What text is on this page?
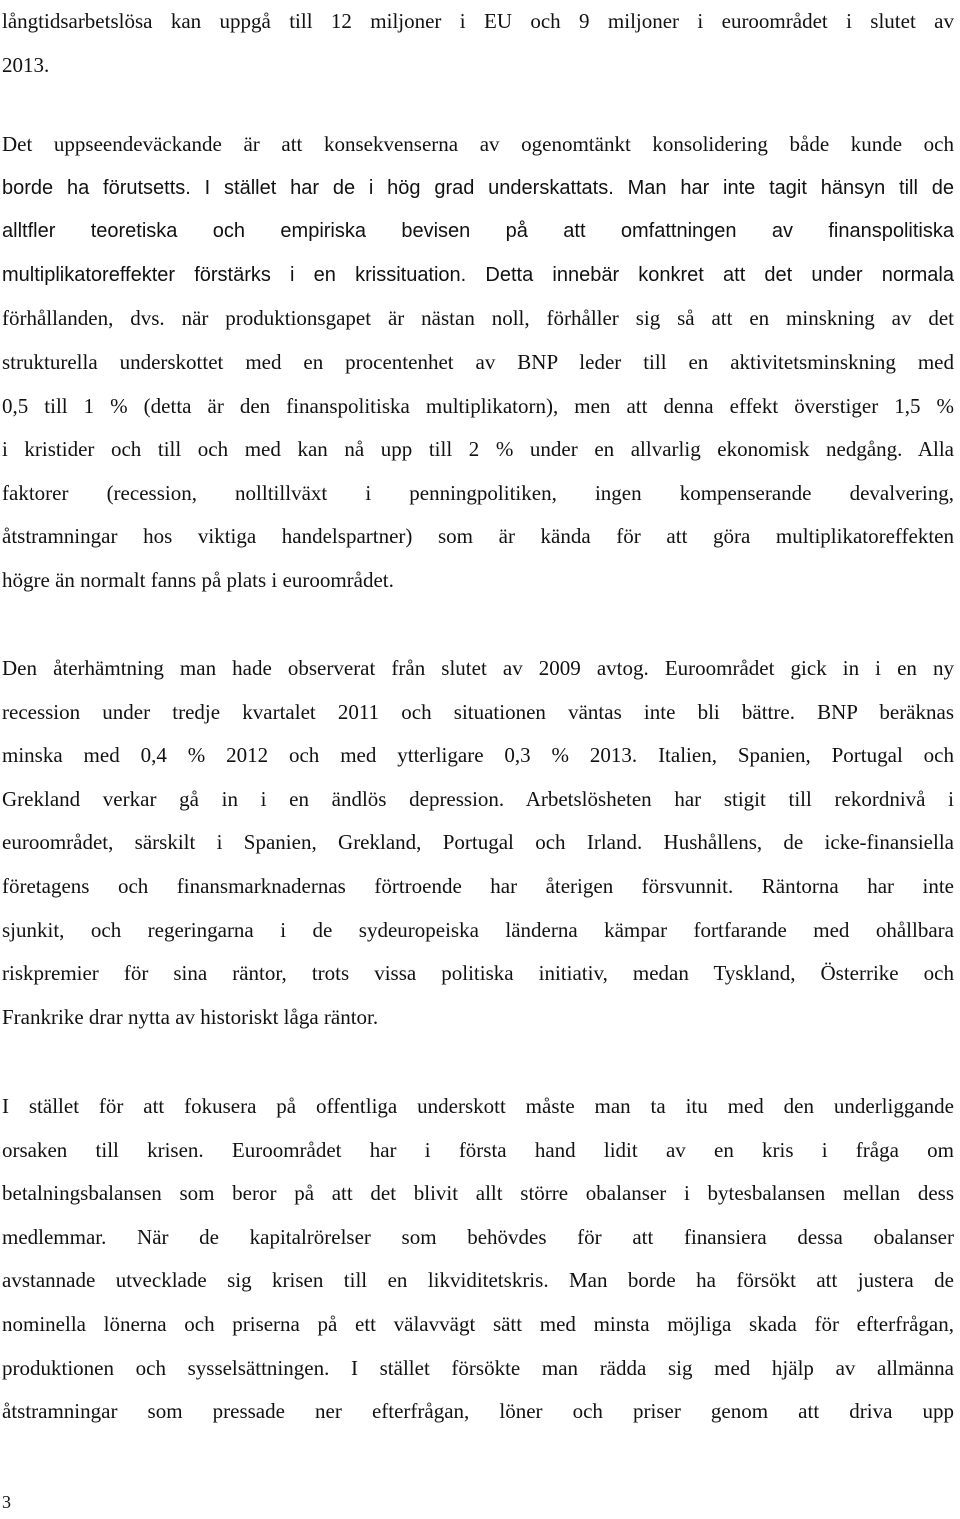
långtidsarbetslösa kan uppgå till 12 miljoner i EU och 9 miljoner i euroområdet i slutet av
2013.
Det uppseendeväckande är att konsekvenserna av ogenomtänkt konsolidering både kunde och
borde ha förutsetts. I stället har de i hög grad underskattats. Man har inte tagit hänsyn till de
alltfler teoretiska och empiriska bevisen på att omfattningen av finanspolitiska
multiplikatoreffekter förstärks i en krissituation. Detta innebär konkret att det under normala
förhållanden, dvs. när produktionsgapet är nästan noll, förhåller sig så att en minskning av det
strukturella underskottet med en procentenhet av BNP leder till en aktivitetsminskning med
0,5 till 1 % (detta är den finanspolitiska multiplikatorn), men att denna effekt överstiger 1,5 %
i kristider och till och med kan nå upp till 2 % under en allvarlig ekonomisk nedgång. Alla
faktorer (recession, nolltillväxt i penningpolitiken, ingen kompenserande devalvering,
åtstramningar hos viktiga handelspartner) som är kända för att göra multiplikatoreffekten
högre än normalt fanns på plats i euroområdet.
Den återhämtning man hade observerat från slutet av 2009 avtog. Euroområdet gick in i en ny
recession under tredje kvartalet 2011 och situationen väntas inte bli bättre. BNP beräknas
minska med 0,4 % 2012 och med ytterligare 0,3 % 2013. Italien, Spanien, Portugal och
Grekland verkar gå in i en ändlös depression. Arbetslösheten har stigit till rekordnivå i
euroområdet, särskilt i Spanien, Grekland, Portugal och Irland. Hushållens, de icke-finansiella
företagens och finansmarknadernas förtroende har återigen försvunnit. Räntorna har inte
sjunkit, och regeringarna i de sydeuropeiska länderna kämpar fortfarande med ohållbara
riskpremier för sina räntor, trots vissa politiska initiativ, medan Tyskland, Österrike och
Frankrike drar nytta av historiskt låga räntor.
I stället för att fokusera på offentliga underskott måste man ta itu med den underliggande
orsaken till krisen. Euroområdet har i första hand lidit av en kris i fråga om
betalningsbalansen som beror på att det blivit allt större obalanser i bytesbalansen mellan dess
medlemmar. När de kapitalrörelser som behövdes för att finansiera dessa obalanser
avstannade utvecklade sig krisen till en likviditetskris. Man borde ha försökt att justera de
nominella lönerna och priserna på ett välavvägt sätt med minsta möjliga skada för efterfrågan,
produktionen och sysselsättningen. I stället försökte man rädda sig med hjälp av allmänna
åtstramningar som pressade ner efterfrågan, löner och priser genom att driva upp
3
